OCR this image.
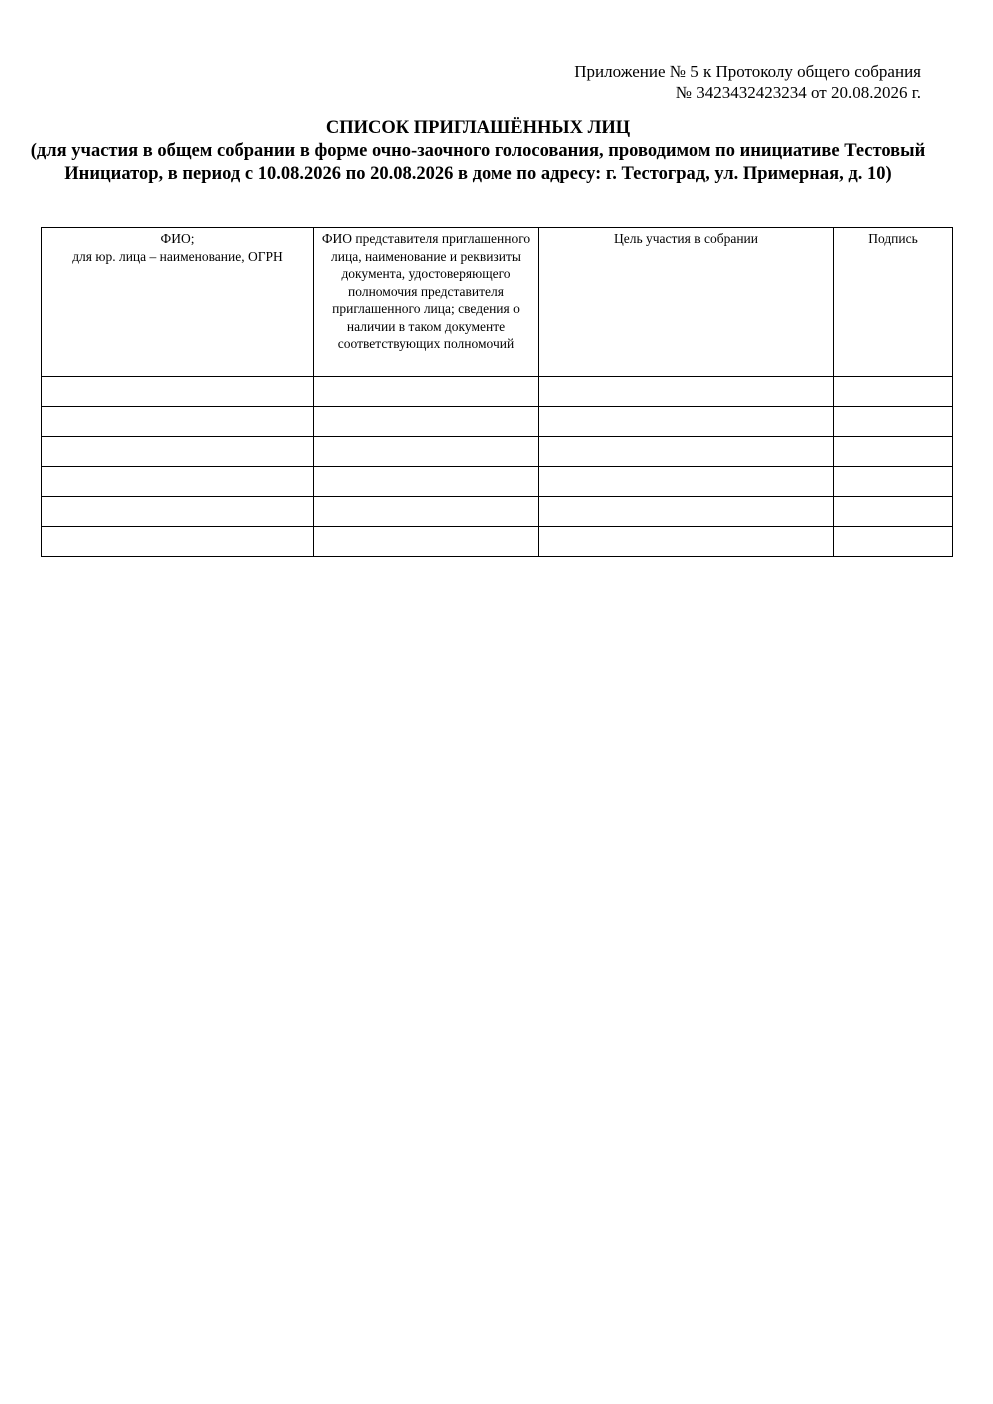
Приложение № 5 к Протоколу общего собрания
№ 3423432423234 от 20.08.2026 г.
СПИСОК ПРИГЛАШЁННЫХ ЛИЦ
(для участия в общем собрании в форме очно-заочного голосования, проводимом по инициативе Тестовый Инициатор, в период с 10.08.2026 по 20.08.2026 в доме по адресу: г. Тестоград, ул. Примерная, д. 10)
ФИО;
для юр. лица – наименование, ОГРН	ФИО представителя приглашенного лица, наименование и реквизиты документа, удостоверяющего полномочия представителя приглашенного лица; сведения о наличии в таком документе соответствующих полномочий	Цель участия в собрании	Подпись
